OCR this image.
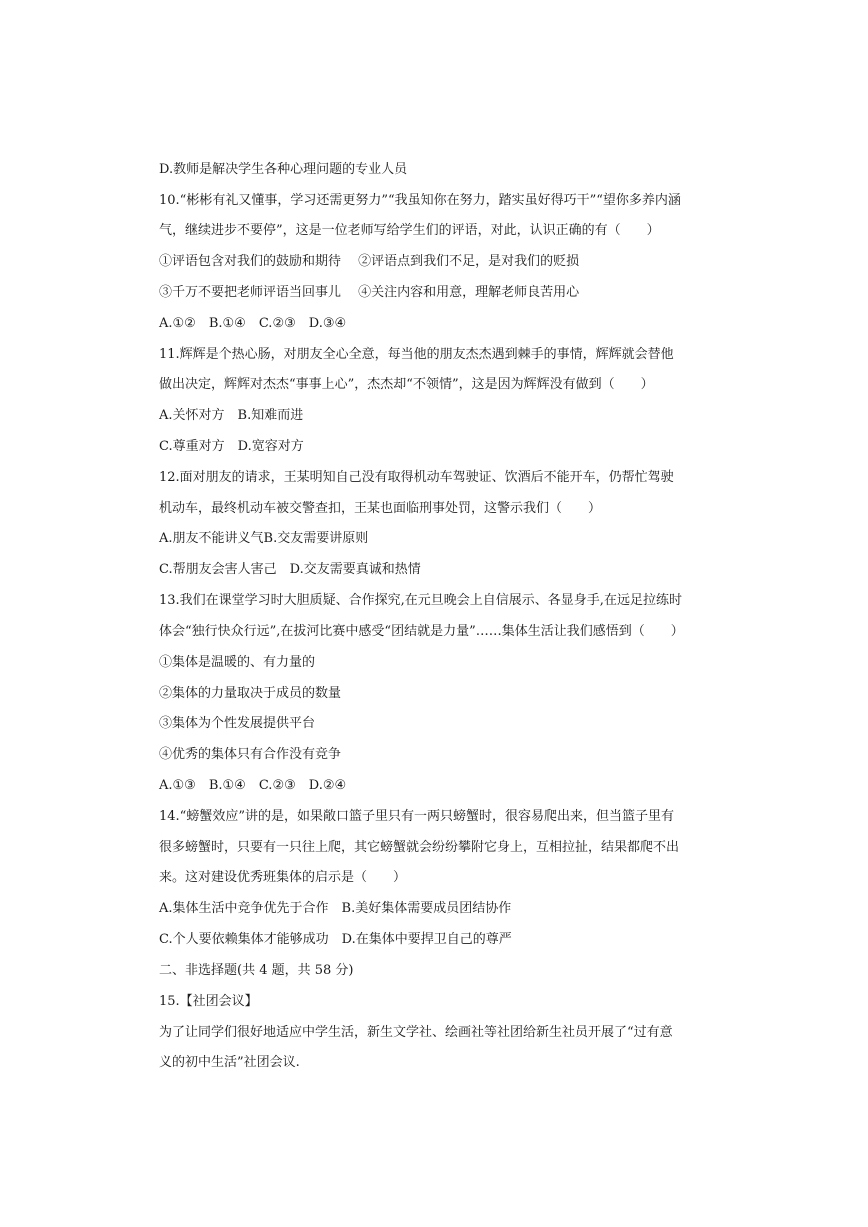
D.教师是解决学生各种心理问题的专业人员
10.“彬彬有礼又懂事，学习还需更努力”“我虽知你在努力，踏实虽好得巧干”“望你多养内涵
气，继续进步不要停”，这是一位老师写给学生们的评语，对此，认识正确的有（　　）
①评语包含对我们的鼓励和期待　 ②评语点到我们不足，是对我们的贬损
③千万不要把老师评语当回事儿　 ④关注内容和用意，理解老师良苦用心
A.①②　B.①④　C.②③　D.③④
11.辉辉是个热心肠，对朋友全心全意，每当他的朋友杰杰遇到棘手的事情，辉辉就会替他
做出决定，辉辉对杰杰“事事上心”，杰杰却“不领情”，这是因为辉辉没有做到（　　）
A.关怀对方　B.知难而进
C.尊重对方　D.宽容对方
12.面对朋友的请求，王某明知自己没有取得机动车驾驶证、饮酒后不能开车，仍帮忙驾驶
机动车，最终机动车被交警查扣，王某也面临刑事处罚，这警示我们（　　）
A.朋友不能讲义气B.交友需要讲原则
C.帮朋友会害人害己　D.交友需要真诚和热情
13.我们在课堂学习时大胆质疑、合作探究,在元旦晚会上自信展示、各显身手,在远足拉练时
体会“独行快众行远”,在拔河比赛中感受“团结就是力量”……集体生活让我们感悟到（　　）
①集体是温暖的、有力量的
②集体的力量取决于成员的数量
③集体为个性发展提供平台
④优秀的集体只有合作没有竞争
A.①③　B.①④　C.②③　D.②④
14.“螃蟹效应”讲的是，如果敞口篮子里只有一两只螃蟹时，很容易爬出来，但当篮子里有
很多螃蟹时，只要有一只往上爬，其它螃蟹就会纷纷攀附它身上，互相拉扯，结果都爬不出
来。这对建设优秀班集体的启示是（　　）
A.集体生活中竞争优先于合作　B.美好集体需要成员团结协作
C.个人要依赖集体才能够成功　D.在集体中要捍卫自己的尊严
二、非选择题(共 4 题，共 58 分)
15.【社团会议】
为了让同学们很好地适应中学生活，新生文学社、绘画社等社团给新生社员开展了“过有意
义的初中生活”社团会议.
